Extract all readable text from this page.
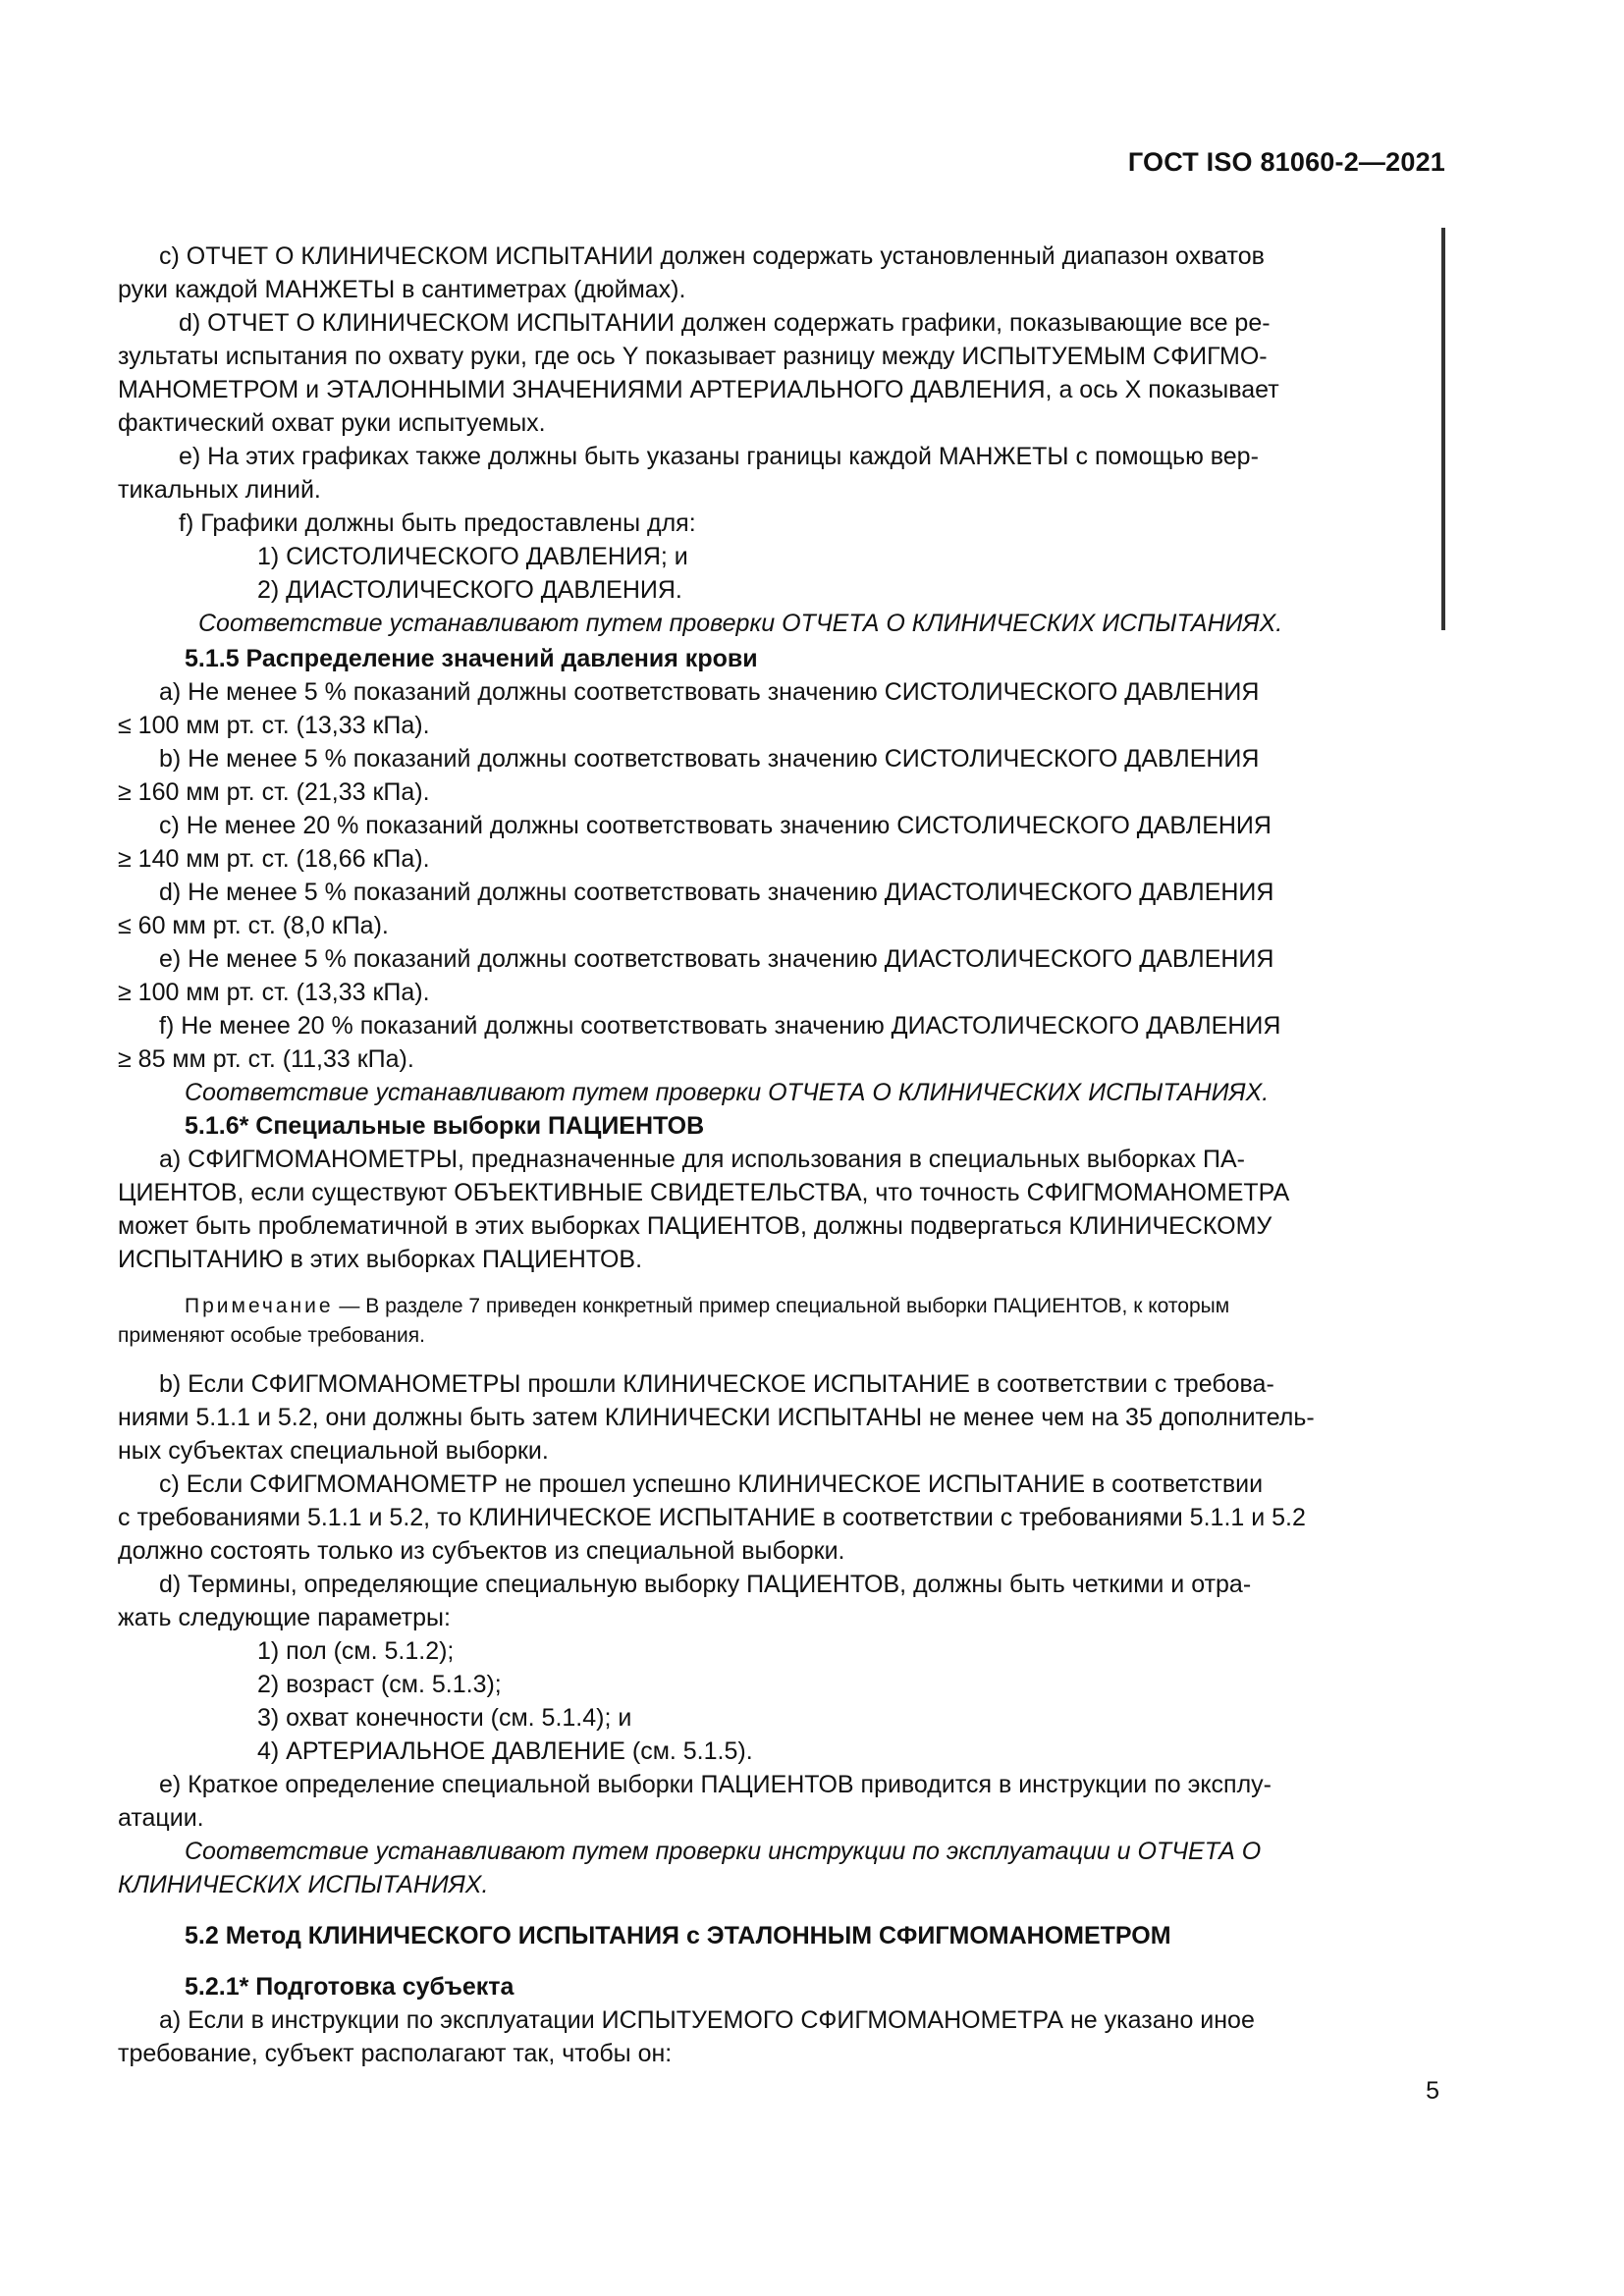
ГОСТ ISO 81060-2—2021
c) ОТЧЕТ О КЛИНИЧЕСКОМ ИСПЫТАНИИ должен содержать установленный диапазон охватов
руки каждой МАНЖЕТЫ в сантиметрах (дюймах).
d) ОТЧЕТ О КЛИНИЧЕСКОМ ИСПЫТАНИИ должен содержать графики, показывающие все ре-
зультаты испытания по охвату руки, где ось Y показывает разницу между ИСПЫТУЕМЫМ СФИГМО-
МАНОМЕТРОМ и ЭТАЛОННЫМИ ЗНАЧЕНИЯМИ АРТЕРИАЛЬНОГО ДАВЛЕНИЯ, а ось X показывает
фактический охват руки испытуемых.
e) На этих графиках также должны быть указаны границы каждой МАНЖЕТЫ с помощью вер-
тикальных линий.
f) Графики должны быть предоставлены для:
1) СИСТОЛИЧЕСКОГО ДАВЛЕНИЯ; и
2) ДИАСТОЛИЧЕСКОГО ДАВЛЕНИЯ.
Соответствие устанавливают путем проверки ОТЧЕТА О КЛИНИЧЕСКИХ ИСПЫТАНИЯХ.
5.1.5 Распределение значений давления крови
a) Не менее 5 % показаний должны соответствовать значению СИСТОЛИЧЕСКОГО ДАВЛЕНИЯ
≤ 100 мм рт. ст. (13,33 кПа).
b) Не менее 5 % показаний должны соответствовать значению СИСТОЛИЧЕСКОГО ДАВЛЕНИЯ
≥ 160 мм рт. ст. (21,33 кПа).
c) Не менее 20 % показаний должны соответствовать значению СИСТОЛИЧЕСКОГО ДАВЛЕНИЯ
≥ 140 мм рт. ст. (18,66 кПа).
d) Не менее 5 % показаний должны соответствовать значению ДИАСТОЛИЧЕСКОГО ДАВЛЕНИЯ
≤ 60 мм рт. ст. (8,0 кПа).
e) Не менее 5 % показаний должны соответствовать значению ДИАСТОЛИЧЕСКОГО ДАВЛЕНИЯ
≥ 100 мм рт. ст. (13,33 кПа).
f) Не менее 20 % показаний должны соответствовать значению ДИАСТОЛИЧЕСКОГО ДАВЛЕНИЯ
≥ 85 мм рт. ст. (11,33 кПа).
Соответствие устанавливают путем проверки ОТЧЕТА О КЛИНИЧЕСКИХ ИСПЫТАНИЯХ.
5.1.6* Специальные выборки ПАЦИЕНТОВ
a) СФИГМОМАНОМЕТРЫ, предназначенные для использования в специальных выборках ПА-
ЦИЕНТОВ, если существуют ОБЪЕКТИВНЫЕ СВИДЕТЕЛЬСТВА, что точность СФИГМОМАНОМЕТРА
может быть проблематичной в этих выборках ПАЦИЕНТОВ, должны подвергаться КЛИНИЧЕСКОМУ
ИСПЫТАНИЮ в этих выборках ПАЦИЕНТОВ.
Примечание — В разделе 7 приведен конкретный пример специальной выборки ПАЦИЕНТОВ, к которым
применяют особые требования.
b) Если СФИГМОМАНОМЕТРЫ прошли КЛИНИЧЕСКОЕ ИСПЫТАНИЕ в соответствии с требова-
ниями 5.1.1 и 5.2, они должны быть затем КЛИНИЧЕСКИ ИСПЫТАНЫ не менее чем на 35 дополнитель-
ных субъектах специальной выборки.
c) Если СФИГМОМАНОМЕТР не прошел успешно КЛИНИЧЕСКОЕ ИСПЫТАНИЕ в соответствии
с требованиями 5.1.1 и 5.2, то КЛИНИЧЕСКОЕ ИСПЫТАНИЕ в соответствии с требованиями 5.1.1 и 5.2
должно состоять только из субъектов из специальной выборки.
d) Термины, определяющие специальную выборку ПАЦИЕНТОВ, должны быть четкими и отра-
жать следующие параметры:
1) пол (см. 5.1.2);
2) возраст (см. 5.1.3);
3) охват конечности (см. 5.1.4); и
4) АРТЕРИАЛЬНОЕ ДАВЛЕНИЕ (см. 5.1.5).
e) Краткое определение специальной выборки ПАЦИЕНТОВ приводится в инструкции по эксплу-
атации.
Соответствие устанавливают путем проверки инструкции по эксплуатации и ОТЧЕТА О
КЛИНИЧЕСКИХ ИСПЫТАНИЯХ.
5.2 Метод КЛИНИЧЕСКОГО ИСПЫТАНИЯ с ЭТАЛОННЫМ СФИГМОМАНОМЕТРОМ
5.2.1* Подготовка субъекта
a) Если в инструкции по эксплуатации ИСПЫТУЕМОГО СФИГМОМАНОМЕТРА не указано иное
требование, субъект располагают так, чтобы он:
5
